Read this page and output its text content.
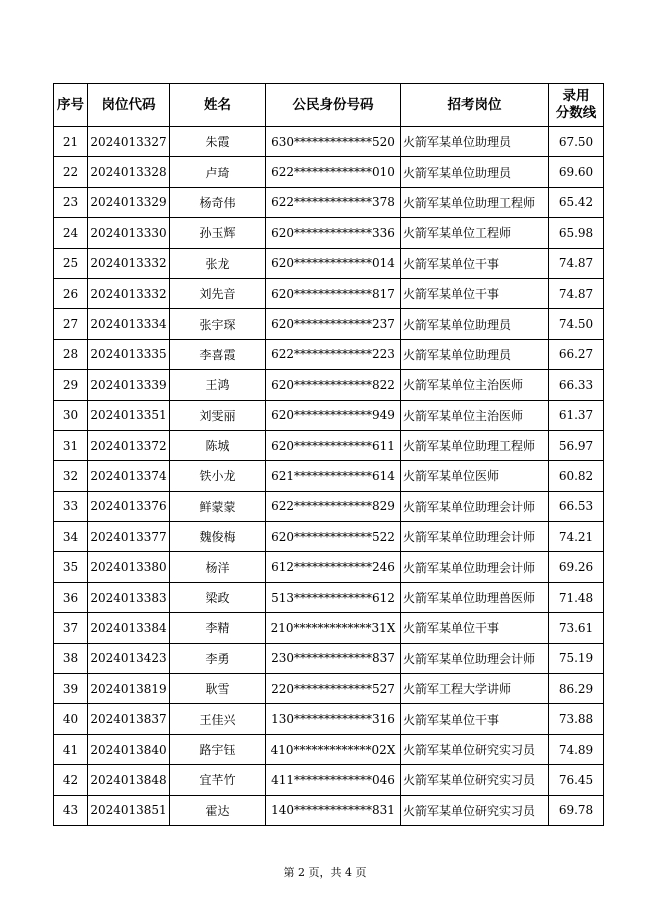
序号	岗位代码	姓名	公民身份号码	招考岗位	录用
分数线

21	2024013327	朱霞	630*************520	火箭军某单位助理员	67.50
22	2024013328	卢琦	622*************010	火箭军某单位助理员	69.60
23	2024013329	杨奇伟	622*************378	火箭军某单位助理工程师	65.42
24	2024013330	孙玉辉	620*************336	火箭军某单位工程师	65.98
25	2024013332	张龙	620*************014	火箭军某单位干事	74.87
26	2024013332	刘先音	620*************817	火箭军某单位干事	74.87
27	2024013334	张宇琛	620*************237	火箭军某单位助理员	74.50
28	2024013335	李喜霞	622*************223	火箭军某单位助理员	66.27
29	2024013339	王鸿	620*************822	火箭军某单位主治医师	66.33
30	2024013351	刘雯丽	620*************949	火箭军某单位主治医师	61.37
31	2024013372	陈城	620*************611	火箭军某单位助理工程师	56.97
32	2024013374	铁小龙	621*************614	火箭军某单位医师	60.82
33	2024013376	鲜蒙蒙	622*************829	火箭军某单位助理会计师	66.53
34	2024013377	魏俊梅	620*************522	火箭军某单位助理会计师	74.21
35	2024013380	杨洋	612*************246	火箭军某单位助理会计师	69.26
36	2024013383	梁政	513*************612	火箭军某单位助理兽医师	71.48
37	2024013384	李精	210*************31X	火箭军某单位干事	73.61
38	2024013423	李勇	230*************837	火箭军某单位助理会计师	75.19
39	2024013819	耿雪	220*************527	火箭军工程大学讲师	86.29
40	2024013837	王佳兴	130*************316	火箭军某单位干事	73.88
41	2024013840	路宇钰	410*************02X	火箭军某单位研究实习员	74.89
42	2024013848	宜芊竹	411*************046	火箭军某单位研究实习员	76.45
43	2024013851	霍达	140*************831	火箭军某单位研究实习员	69.78
第 2 页，共 4 页
